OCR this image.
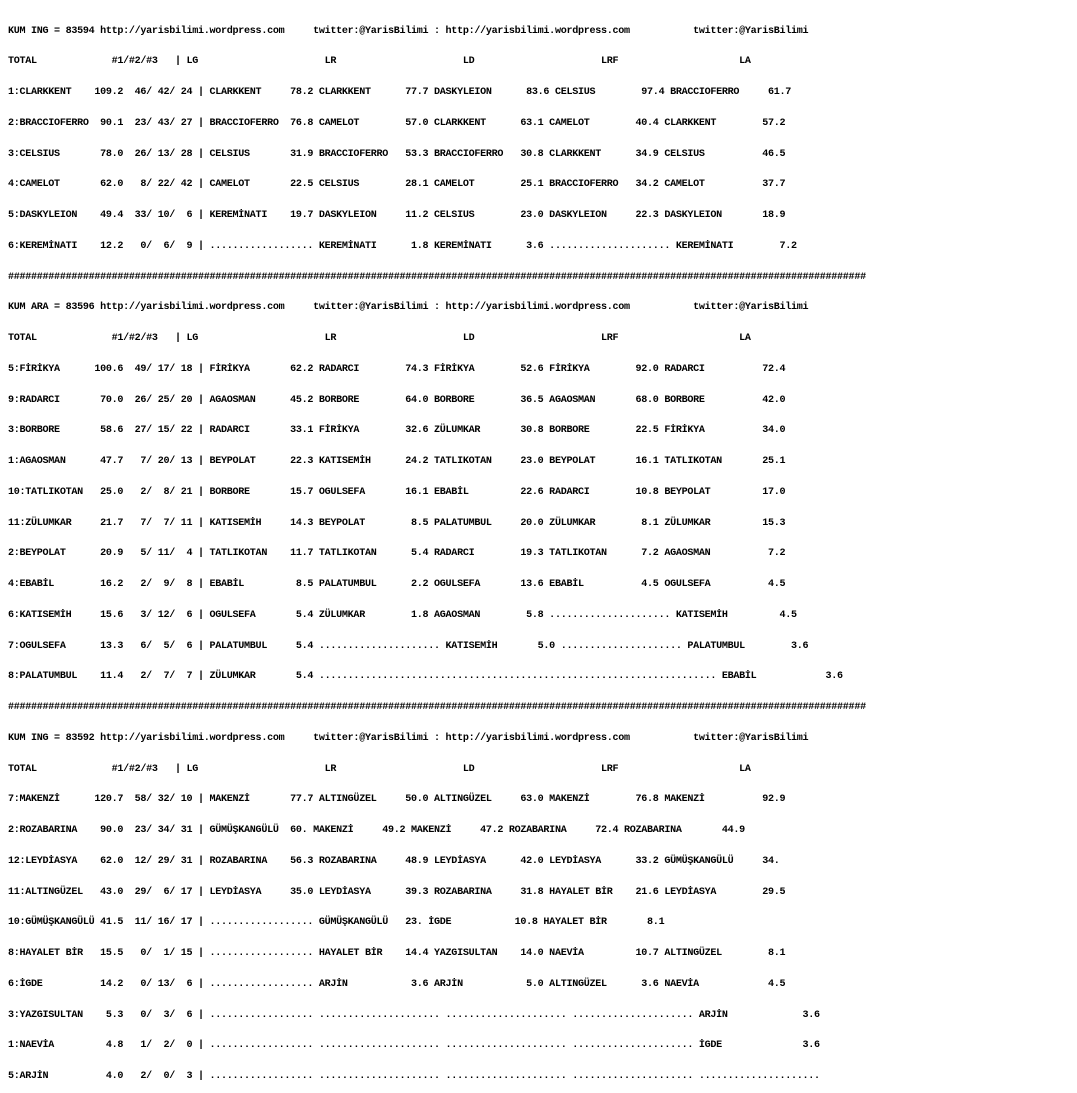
KUM ING = 83594 http://yarisbilimi.wordpress.com     twitter:@YarisBilimi : http://yarisbilimi.wordpress.com           twitter:@YarisBilimi

TOTAL             #1/#2/#3   | LG                      LR                      LD                      LRF                     LA

1:CLARKKENT    109.2  46/ 42/ 24 | CLARKKENT     78.2 CLARKKENT      77.7 DASKYLEION      83.6 CELSIUS        97.4 BRACCIOFERRO     61.7

2:BRACCIOFERRO  90.1  23/ 43/ 27 | BRACCIOFERRO  76.8 CAMELOT        57.0 CLARKKENT      63.1 CAMELOT        40.4 CLARKKENT        57.2

3:CELSIUS       78.0  26/ 13/ 28 | CELSIUS       31.9 BRACCIOFERRO   53.3 BRACCIOFERRO   30.8 CLARKKENT      34.9 CELSIUS          46.5

4:CAMELOT       62.0   8/ 22/ 42 | CAMELOT       22.5 CELSIUS        28.1 CAMELOT        25.1 BRACCIOFERRO   34.2 CAMELOT          37.7

5:DASKYLEION    49.4  33/ 10/  6 | KEREMİNATI    19.7 DASKYLEION     11.2 CELSIUS        23.0 DASKYLEION     22.3 DASKYLEION       18.9

6:KEREMİNATI    12.2   0/  6/  9 | .................. KEREMİNATI      1.8 KEREMİNATI      3.6 ..................... KEREMİNATI        7.2

#####################################################################################################################################################

KUM ARA = 83596 http://yarisbilimi.wordpress.com     twitter:@YarisBilimi : http://yarisbilimi.wordpress.com           twitter:@YarisBilimi

TOTAL             #1/#2/#3   | LG                      LR                      LD                      LRF                     LA

5:FİRİKYA      100.6  49/ 17/ 18 | FİRİKYA       62.2 RADARCI        74.3 FİRİKYA        52.6 FİRİKYA        92.0 RADARCI          72.4

9:RADARCI       70.0  26/ 25/ 20 | AGAOSMAN      45.2 BORBORE        64.0 BORBORE        36.5 AGAOSMAN       68.0 BORBORE          42.0

3:BORBORE       58.6  27/ 15/ 22 | RADARCI       33.1 FİRİKYA        32.6 ZÜLUMKAR       30.8 BORBORE        22.5 FİRİKYA          34.0

1:AGAOSMAN      47.7   7/ 20/ 13 | BEYPOLAT      22.3 KATISEMİH      24.2 TATLIKOTAN     23.0 BEYPOLAT       16.1 TATLIKOTAN       25.1

10:TATLIKOTAN   25.0   2/  8/ 21 | BORBORE       15.7 OGULSEFA       16.1 EBABİL         22.6 RADARCI        10.8 BEYPOLAT         17.0

11:ZÜLUMKAR     21.7   7/  7/ 11 | KATISEMİH     14.3 BEYPOLAT        8.5 PALATUMBUL     20.0 ZÜLUMKAR        8.1 ZÜLUMKAR         15.3

2:BEYPOLAT      20.9   5/ 11/  4 | TATLIKOTAN    11.7 TATLIKOTAN      5.4 RADARCI        19.3 TATLIKOTAN      7.2 AGAOSMAN          7.2

4:EBABİL        16.2   2/  9/  8 | EBABİL         8.5 PALATUMBUL      2.2 OGULSEFA       13.6 EBABİL          4.5 OGULSEFA          4.5

6:KATISEMİH     15.6   3/ 12/  6 | OGULSEFA       5.4 ZÜLUMKAR        1.8 AGAOSMAN        5.8 ..................... KATISEMİH         4.5

7:OGULSEFA      13.3   6/  5/  6 | PALATUMBUL     5.4 ..................... KATISEMİH       5.0 ..................... PALATUMBUL        3.6

8:PALATUMBUL    11.4   2/  7/  7 | ZÜLUMKAR       5.4 ..................................................................... EBABİL            3.6

#####################################################################################################################################################

KUM ING = 83592 http://yarisbilimi.wordpress.com     twitter:@YarisBilimi : http://yarisbilimi.wordpress.com           twitter:@YarisBilimi

TOTAL             #1/#2/#3   | LG                      LR                      LD                      LRF                     LA

7:MAKENZİ      120.7  58/ 32/ 10 | MAKENZİ       77.7 ALTINGÜZEL     50.0 ALTINGÜZEL     63.0 MAKENZİ        76.8 MAKENZİ          92.9

2:ROZABARINA    90.0  23/ 34/ 31 | GÜMÜŞKANGÜLÜ  60. MAKENZİ     49.2 MAKENZİ     47.2 ROZABARINA     72.4 ROZABARINA       44.9

12:LEYDİASYA    62.0  12/ 29/ 31 | ROZABARINA    56.3 ROZABARINA     48.9 LEYDİASYA      42.0 LEYDİASYA      33.2 GÜMÜŞKANGÜLÜ     34.

11:ALTINGÜZEL   43.0  29/  6/ 17 | LEYDİASYA     35.0 LEYDİASYA      39.3 ROZABARINA     31.8 HAYALET BİR    21.6 LEYDİASYA        29.5

10:GÜMÜŞKANGÜLÜ 41.5  11/ 16/ 17 | .................. GÜMÜŞKANGÜLÜ   23. İGDE           10.8 HAYALET BİR       8.1

8:HAYALET BİR   15.5   0/  1/ 15 | .................. HAYALET BİR    14.4 YAZGISULTAN    14.0 NAEVİA         10.7 ALTINGÜZEL        8.1

6:İGDE          14.2   0/ 13/  6 | .................. ARJİN           3.6 ARJİN           5.0 ALTINGÜZEL      3.6 NAEVİA            4.5

3:YAZGISULTAN    5.3   0/  3/  6 | .................. ..................... ..................... ..................... ARJİN             3.6

1:NAEVİA         4.8   1/  2/  0 | .................. ..................... ..................... ..................... İGDE              3.6

5:ARJİN          4.0   2/  0/  3 | .................. ..................... ..................... ..................... .....................
